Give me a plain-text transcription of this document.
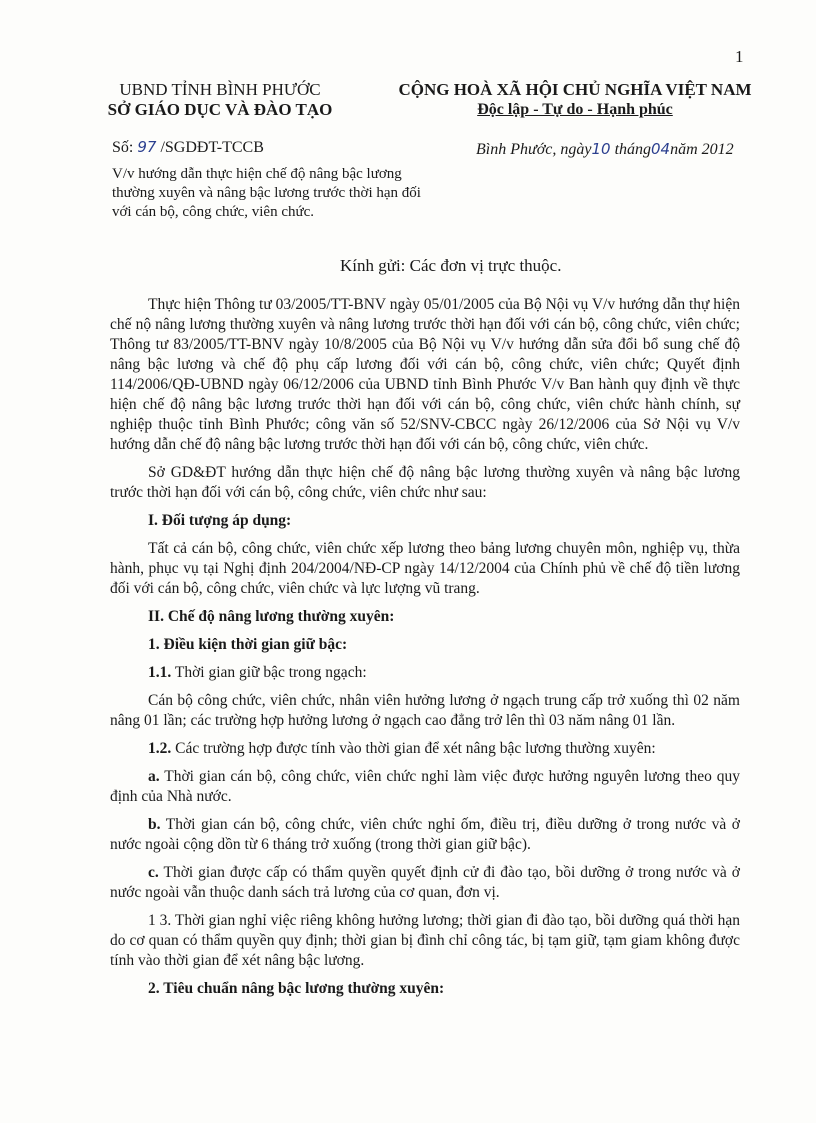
1
UBND TỈNH BÌNH PHƯỚC
SỞ GIÁO DỤC VÀ ĐÀO TẠO
CỘNG HOÀ XÃ HỘI CHỦ NGHĨA VIỆT NAM
Độc lập - Tự do - Hạnh phúc
Số: 97 /SGDĐT-TCCB	Bình Phước, ngày10 tháng04năm 2012
V/v hướng dẫn thực hiện chế độ nâng bậc lương thường xuyên và nâng bậc lương trước thời hạn đối với cán bộ, công chức, viên chức.
Kính gửi: Các đơn vị trực thuộc.

Thực hiện Thông tư 03/2005/TT-BNV ngày 05/01/2005 của Bộ Nội vụ V/v hướng dẫn thự hiện chế nộ nâng lương thường xuyên và nâng lương trước thời hạn đối với cán bộ, công chức, viên chức; Thông tư 83/2005/TT-BNV ngày 10/8/2005 của Bộ Nội vụ V/v hướng dẫn sửa đổi bổ sung chế độ nâng bậc lương và chế độ phụ cấp lương đối với cán bộ, công chức, viên chức; Quyết định 114/2006/QĐ-UBND ngày 06/12/2006 của UBND tỉnh Bình Phước V/v Ban hành quy định về thực hiện chế độ nâng bậc lương trước thời hạn đối với cán bộ, công chức, viên chức hành chính, sự nghiệp thuộc tỉnh Bình Phước; công văn số 52/SNV-CBCC ngày 26/12/2006 của Sở Nội vụ V/v hướng dẫn chế độ nâng bậc lương trước thời hạn đối với cán bộ, công chức, viên chức.

Sở GD&ĐT hướng dẫn thực hiện chế độ nâng bậc lương thường xuyên và nâng bậc lương trước thời hạn đối với cán bộ, công chức, viên chức như sau:

I. Đối tượng áp dụng:

Tất cả cán bộ, công chức, viên chức xếp lương theo bảng lương chuyên môn, nghiệp vụ, thừa hành, phục vụ tại Nghị định 204/2004/NĐ-CP ngày 14/12/2004 của Chính phủ về chế độ tiền lương đối với cán bộ, công chức, viên chức và lực lượng vũ trang.

II. Chế độ nâng lương thường xuyên:

1. Điều kiện thời gian giữ bậc:

1.1. Thời gian giữ bậc trong ngạch:

Cán bộ công chức, viên chức, nhân viên hưởng lương ở ngạch trung cấp trở xuống thì 02 năm nâng 01 lần; các trường hợp hưởng lương ở ngạch cao đẳng trở lên thì 03 năm nâng 01 lần.

1.2. Các trường hợp được tính vào thời gian để xét nâng bậc lương thường xuyên:

a. Thời gian cán bộ, công chức, viên chức nghỉ làm việc được hưởng nguyên lương theo quy định của Nhà nước.

b. Thời gian cán bộ, công chức, viên chức nghỉ ốm, điều trị, điều dưỡng ở trong nước và ở nước ngoài cộng dồn từ 6 tháng trở xuống (trong thời gian giữ bậc).

c. Thời gian được cấp có thẩm quyền quyết định cử đi đào tạo, bồi dưỡng ở trong nước và ở nước ngoài vẫn thuộc danh sách trả lương của cơ quan, đơn vị.

1 3. Thời gian nghỉ việc riêng không hưởng lương; thời gian đi đào tạo, bồi dưỡng quá thời hạn do cơ quan có thẩm quyền quy định; thời gian bị đình chỉ công tác, bị tạm giữ, tạm giam không được tính vào thời gian để xét nâng bậc lương.

2. Tiêu chuẩn nâng bậc lương thường xuyên:
